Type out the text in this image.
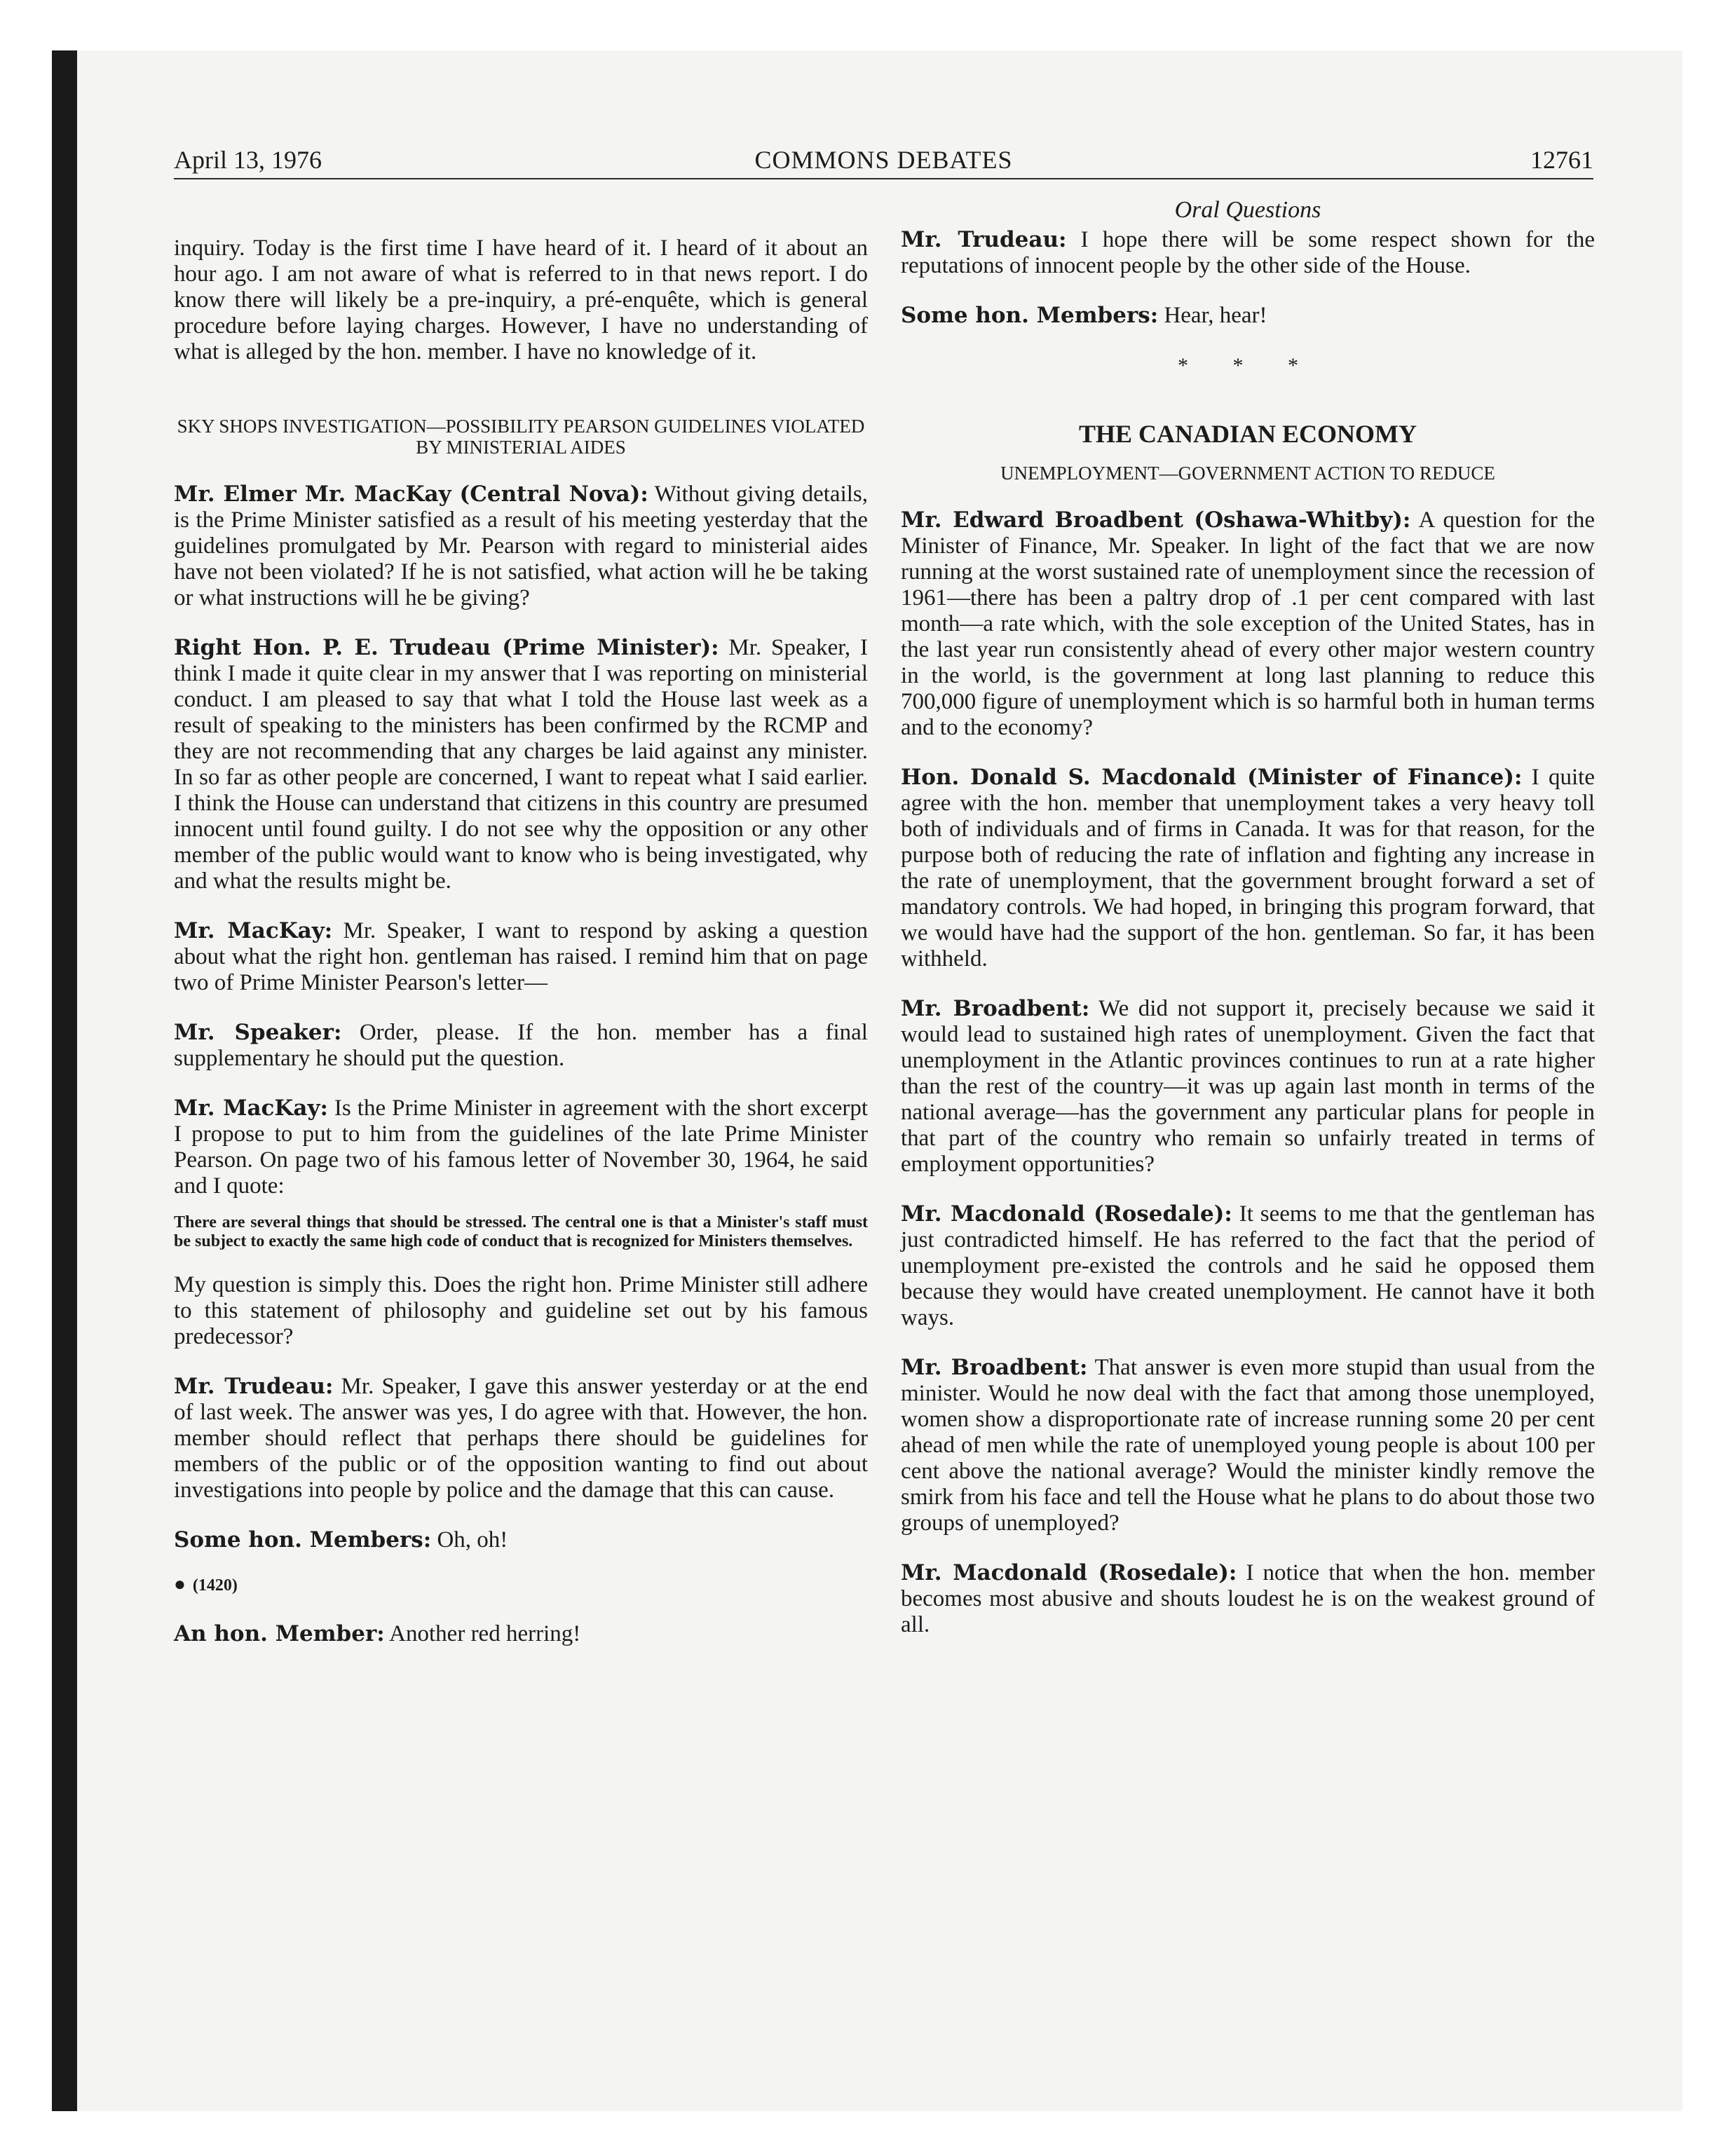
April 13, 1976	COMMONS DEBATES	12761

inquiry. Today is the first time I have heard of it. I heard of it about an hour ago. I am not aware of what is referred to in that news report. I do know there will likely be a pre-inquiry, a pré-enquête, which is general procedure before laying charges. However, I have no understanding of what is alleged by the hon. member. I have no knowledge of it.

SKY SHOPS INVESTIGATION—POSSIBILITY PEARSON GUIDELINES VIOLATED BY MINISTERIAL AIDES

Mr. Elmer Mr. MacKay (Central Nova): Without giving details, is the Prime Minister satisfied as a result of his meeting yesterday that the guidelines promulgated by Mr. Pearson with regard to ministerial aides have not been violated? If he is not satisfied, what action will he be taking or what instructions will he be giving?

Right Hon. P. E. Trudeau (Prime Minister): Mr. Speaker, I think I made it quite clear in my answer that I was reporting on ministerial conduct. I am pleased to say that what I told the House last week as a result of speaking to the ministers has been confirmed by the RCMP and they are not recommending that any charges be laid against any minister. In so far as other people are concerned, I want to repeat what I said earlier. I think the House can understand that citizens in this country are presumed innocent until found guilty. I do not see why the opposition or any other member of the public would want to know who is being investigated, why and what the results might be.

Mr. MacKay: Mr. Speaker, I want to respond by asking a question about what the right hon. gentleman has raised. I remind him that on page two of Prime Minister Pearson's letter—

Mr. Speaker: Order, please. If the hon. member has a final supplementary he should put the question.

Mr. MacKay: Is the Prime Minister in agreement with the short excerpt I propose to put to him from the guidelines of the late Prime Minister Pearson. On page two of his famous letter of November 30, 1964, he said and I quote:

There are several things that should be stressed. The central one is that a Minister's staff must be subject to exactly the same high code of conduct that is recognized for Ministers themselves.

My question is simply this. Does the right hon. Prime Minister still adhere to this statement of philosophy and guideline set out by his famous predecessor?

Mr. Trudeau: Mr. Speaker, I gave this answer yesterday or at the end of last week. The answer was yes, I do agree with that. However, the hon. member should reflect that perhaps there should be guidelines for members of the public or of the opposition wanting to find out about investigations into people by police and the damage that this can cause.

Some hon. Members: Oh, oh!

● (1420)

An hon. Member: Another red herring!

Oral Questions

Mr. Trudeau: I hope there will be some respect shown for the reputations of innocent people by the other side of the House.

Some hon. Members: Hear, hear!

* * *
THE CANADIAN ECONOMY
UNEMPLOYMENT—GOVERNMENT ACTION TO REDUCE

Mr. Edward Broadbent (Oshawa-Whitby): A question for the Minister of Finance, Mr. Speaker. In light of the fact that we are now running at the worst sustained rate of unemployment since the recession of 1961—there has been a paltry drop of .1 per cent compared with last month—a rate which, with the sole exception of the United States, has in the last year run consistently ahead of every other major western country in the world, is the government at long last planning to reduce this 700,000 figure of unemployment which is so harmful both in human terms and to the economy?

Hon. Donald S. Macdonald (Minister of Finance): I quite agree with the hon. member that unemployment takes a very heavy toll both of individuals and of firms in Canada. It was for that reason, for the purpose both of reducing the rate of inflation and fighting any increase in the rate of unemployment, that the government brought forward a set of mandatory controls. We had hoped, in bringing this program forward, that we would have had the support of the hon. gentleman. So far, it has been withheld.

Mr. Broadbent: We did not support it, precisely because we said it would lead to sustained high rates of unemployment. Given the fact that unemployment in the Atlantic provinces continues to run at a rate higher than the rest of the country—it was up again last month in terms of the national average—has the government any particular plans for people in that part of the country who remain so unfairly treated in terms of employment opportunities?

Mr. Macdonald (Rosedale): It seems to me that the gentleman has just contradicted himself. He has referred to the fact that the period of unemployment pre-existed the controls and he said he opposed them because they would have created unemployment. He cannot have it both ways.

Mr. Broadbent: That answer is even more stupid than usual from the minister. Would he now deal with the fact that among those unemployed, women show a disproportionate rate of increase running some 20 per cent ahead of men while the rate of unemployed young people is about 100 per cent above the national average? Would the minister kindly remove the smirk from his face and tell the House what he plans to do about those two groups of unemployed?

Mr. Macdonald (Rosedale): I notice that when the hon. member becomes most abusive and shouts loudest he is on the weakest ground of all.
